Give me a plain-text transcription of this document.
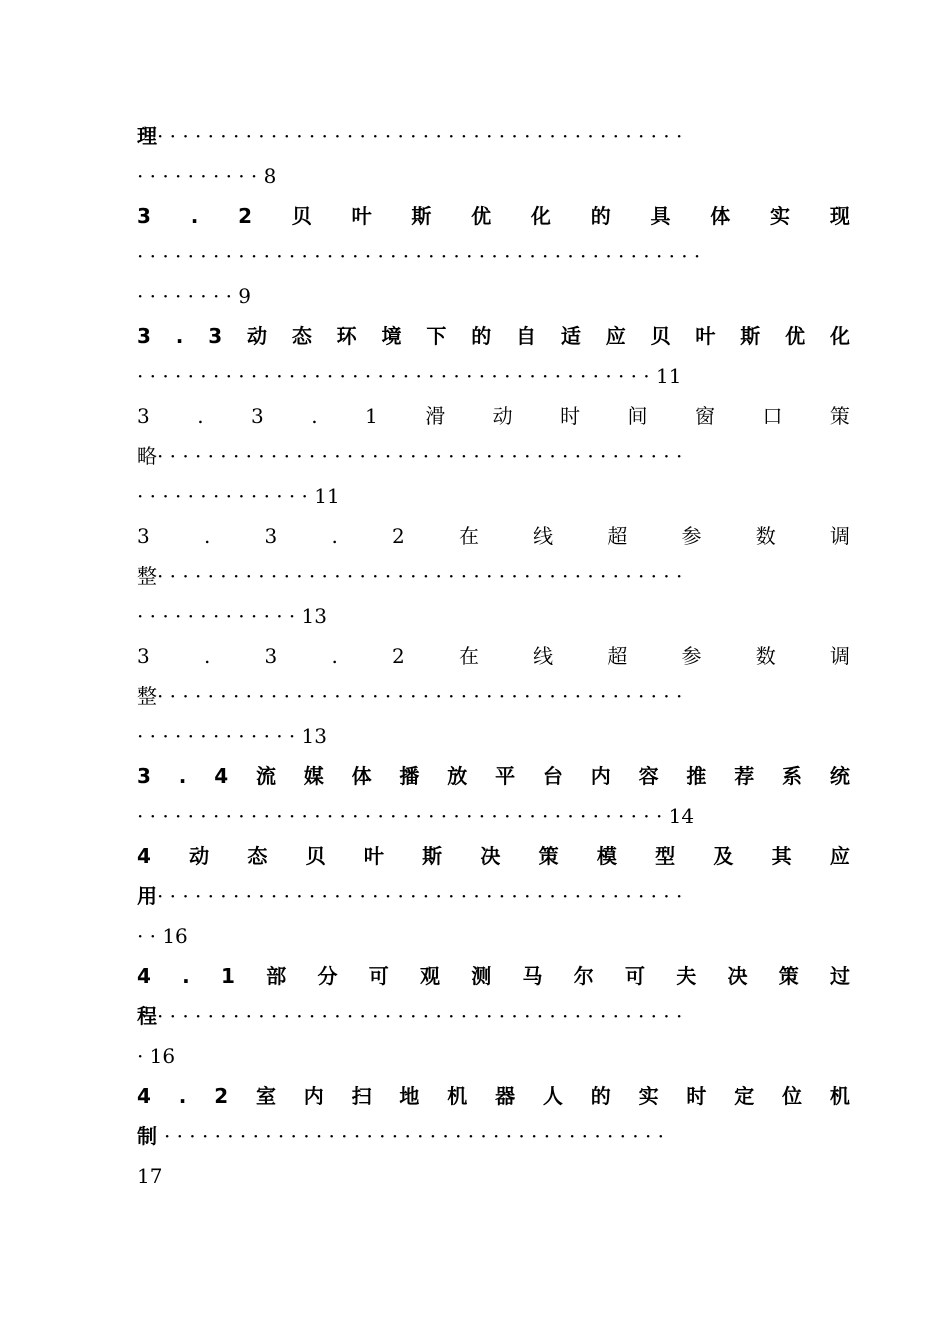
理··········································
··········8
3 . 2 贝 叶 斯 优 化 的 具 体 实 现
·············································
········9
3 . 3 动 态 环 境 下 的 自 适 应 贝 叶 斯 优 化
·········································11
3 . 3 . 1 滑 动 时 间 窗 口 策
略··········································
··············11
3	.	3	.	2	在	线	超	参	数	调
整··········································
·············13
3	.	3	.	2	在	线	超	参	数	调
整··········································
·············13
3 . 4 流 媒 体 播 放 平 台 内 容 推 荐 系 统
··········································14
4 动 态 贝 叶 斯 决 策 模 型 及 其 应
用··········································
··16
4 . 1 部 分 可 观 测 马 尔 可 夫 决 策 过
程··········································
·16
4 . 2 室 内 扫 地 机 器 人 的 实 时 定 位 机
制 ········································
17
